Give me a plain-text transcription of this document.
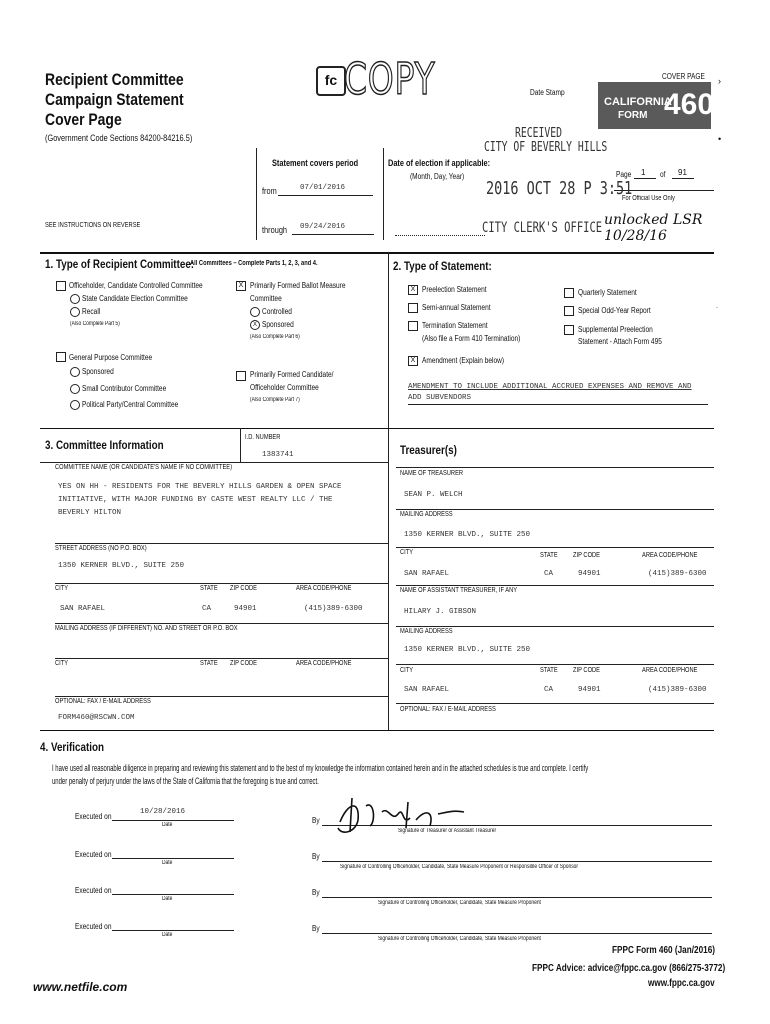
Recipient Committee
Campaign Statement
Cover Page
(Government Code Sections 84200-84216.5)
fc COPY	COVER PAGE
Date Stamp
CALIFORNIA
FORM 460
›
•
RECEIVED
CITY OF BEVERLY HILLS
2016 OCT 28 P 3:51
CITY CLERK'S OFFICE
Statement covers period
from	07/01/2016
through 09/24/2016
Date of election if applicable:
(Month, Day, Year)
SEE INSTRUCTIONS ON REVERSE
Page 1 of 91
For Official Use Only
unlocked LSR 10/28/16
1. Type of Recipient Committee:
All Committees – Complete Parts 1, 2, 3, and 4.
Officeholder, Candidate Controlled Committee
State Candidate Election Committee
Recall
(Also Complete Part 5)
General Purpose Committee
Sponsored
Small Contributor Committee
Political Party/Central Committee
X Primarily Formed Ballot Measure
Committee
Controlled
X Sponsored
(Also Complete Part 6)
Primarily Formed Candidate/
Officeholder Committee
(Also Complete Part 7)
2. Type of Statement:
X Preelection Statement
Semi-annual Statement
Termination Statement
(Also file a Form 410 Termination)
X Amendment (Explain below)
Quarterly Statement
Special Odd-Year Report
Supplemental Preelection
Statement - Attach Form 495
˙
AMENDMENT TO INCLUDE ADDITIONAL ACCRUED EXPENSES AND REMOVE AND
ADD SUBVENDORS
3. Committee Information
I.D. NUMBER
1383741
COMMITTEE NAME (OR CANDIDATE'S NAME IF NO COMMITTEE)
YES ON HH - RESIDENTS FOR THE BEVERLY HILLS GARDEN & OPEN SPACE
INITIATIVE, WITH MAJOR FUNDING BY CASTE WEST REALTY LLC / THE
BEVERLY HILTON
STREET ADDRESS (NO P.O. BOX)
1350 KERNER BLVD., SUITE 250
CITY	STATE ZIP CODE	AREA CODE/PHONE
SAN RAFAEL	CA	94901	(415)389-6300
MAILING ADDRESS (IF DIFFERENT) NO. AND STREET OR P.O. BOX
CITY	STATE ZIP CODE	AREA CODE/PHONE
OPTIONAL: FAX / E-MAIL ADDRESS
FORM460@RSCWN.COM
Treasurer(s)
NAME OF TREASURER
SEAN P. WELCH
MAILING ADDRESS
1350 KERNER BLVD., SUITE 250
CITY	STATE ZIP CODE	AREA CODE/PHONE
SAN RAFAEL	CA	94901	(415)389-6300
NAME OF ASSISTANT TREASURER, IF ANY
HILARY J. GIBSON
MAILING ADDRESS
1350 KERNER BLVD., SUITE 250
CITY	STATE ZIP CODE	AREA CODE/PHONE
SAN RAFAEL	CA	94901	(415)389-6300
OPTIONAL: FAX / E-MAIL ADDRESS
4. Verification
I have used all reasonable diligence in preparing and reviewing this statement and to the best of my knowledge the information contained herein and in the attached schedules is true and complete. I certify
under penalty of perjury under the laws of the State of California that the foregoing is true and correct.
Executed on	10/28/2016
Date	By
Signature of Treasurer or Assistant Treasurer
Executed on
Date
By
Signature of Controlling Officeholder, Candidate, State Measure Proponent or Responsible Officer of Sponsor
Executed on
Date
By
Signature of Controlling Officeholder, Candidate, State Measure Proponent
Executed on
Date
By
Signature of Controlling Officeholder, Candidate, State Measure Proponent
FPPC Form 460 (Jan/2016)
FPPC Advice: advice@fppc.ca.gov (866/275-3772)
www.fppc.ca.gov
www.netfile.com
